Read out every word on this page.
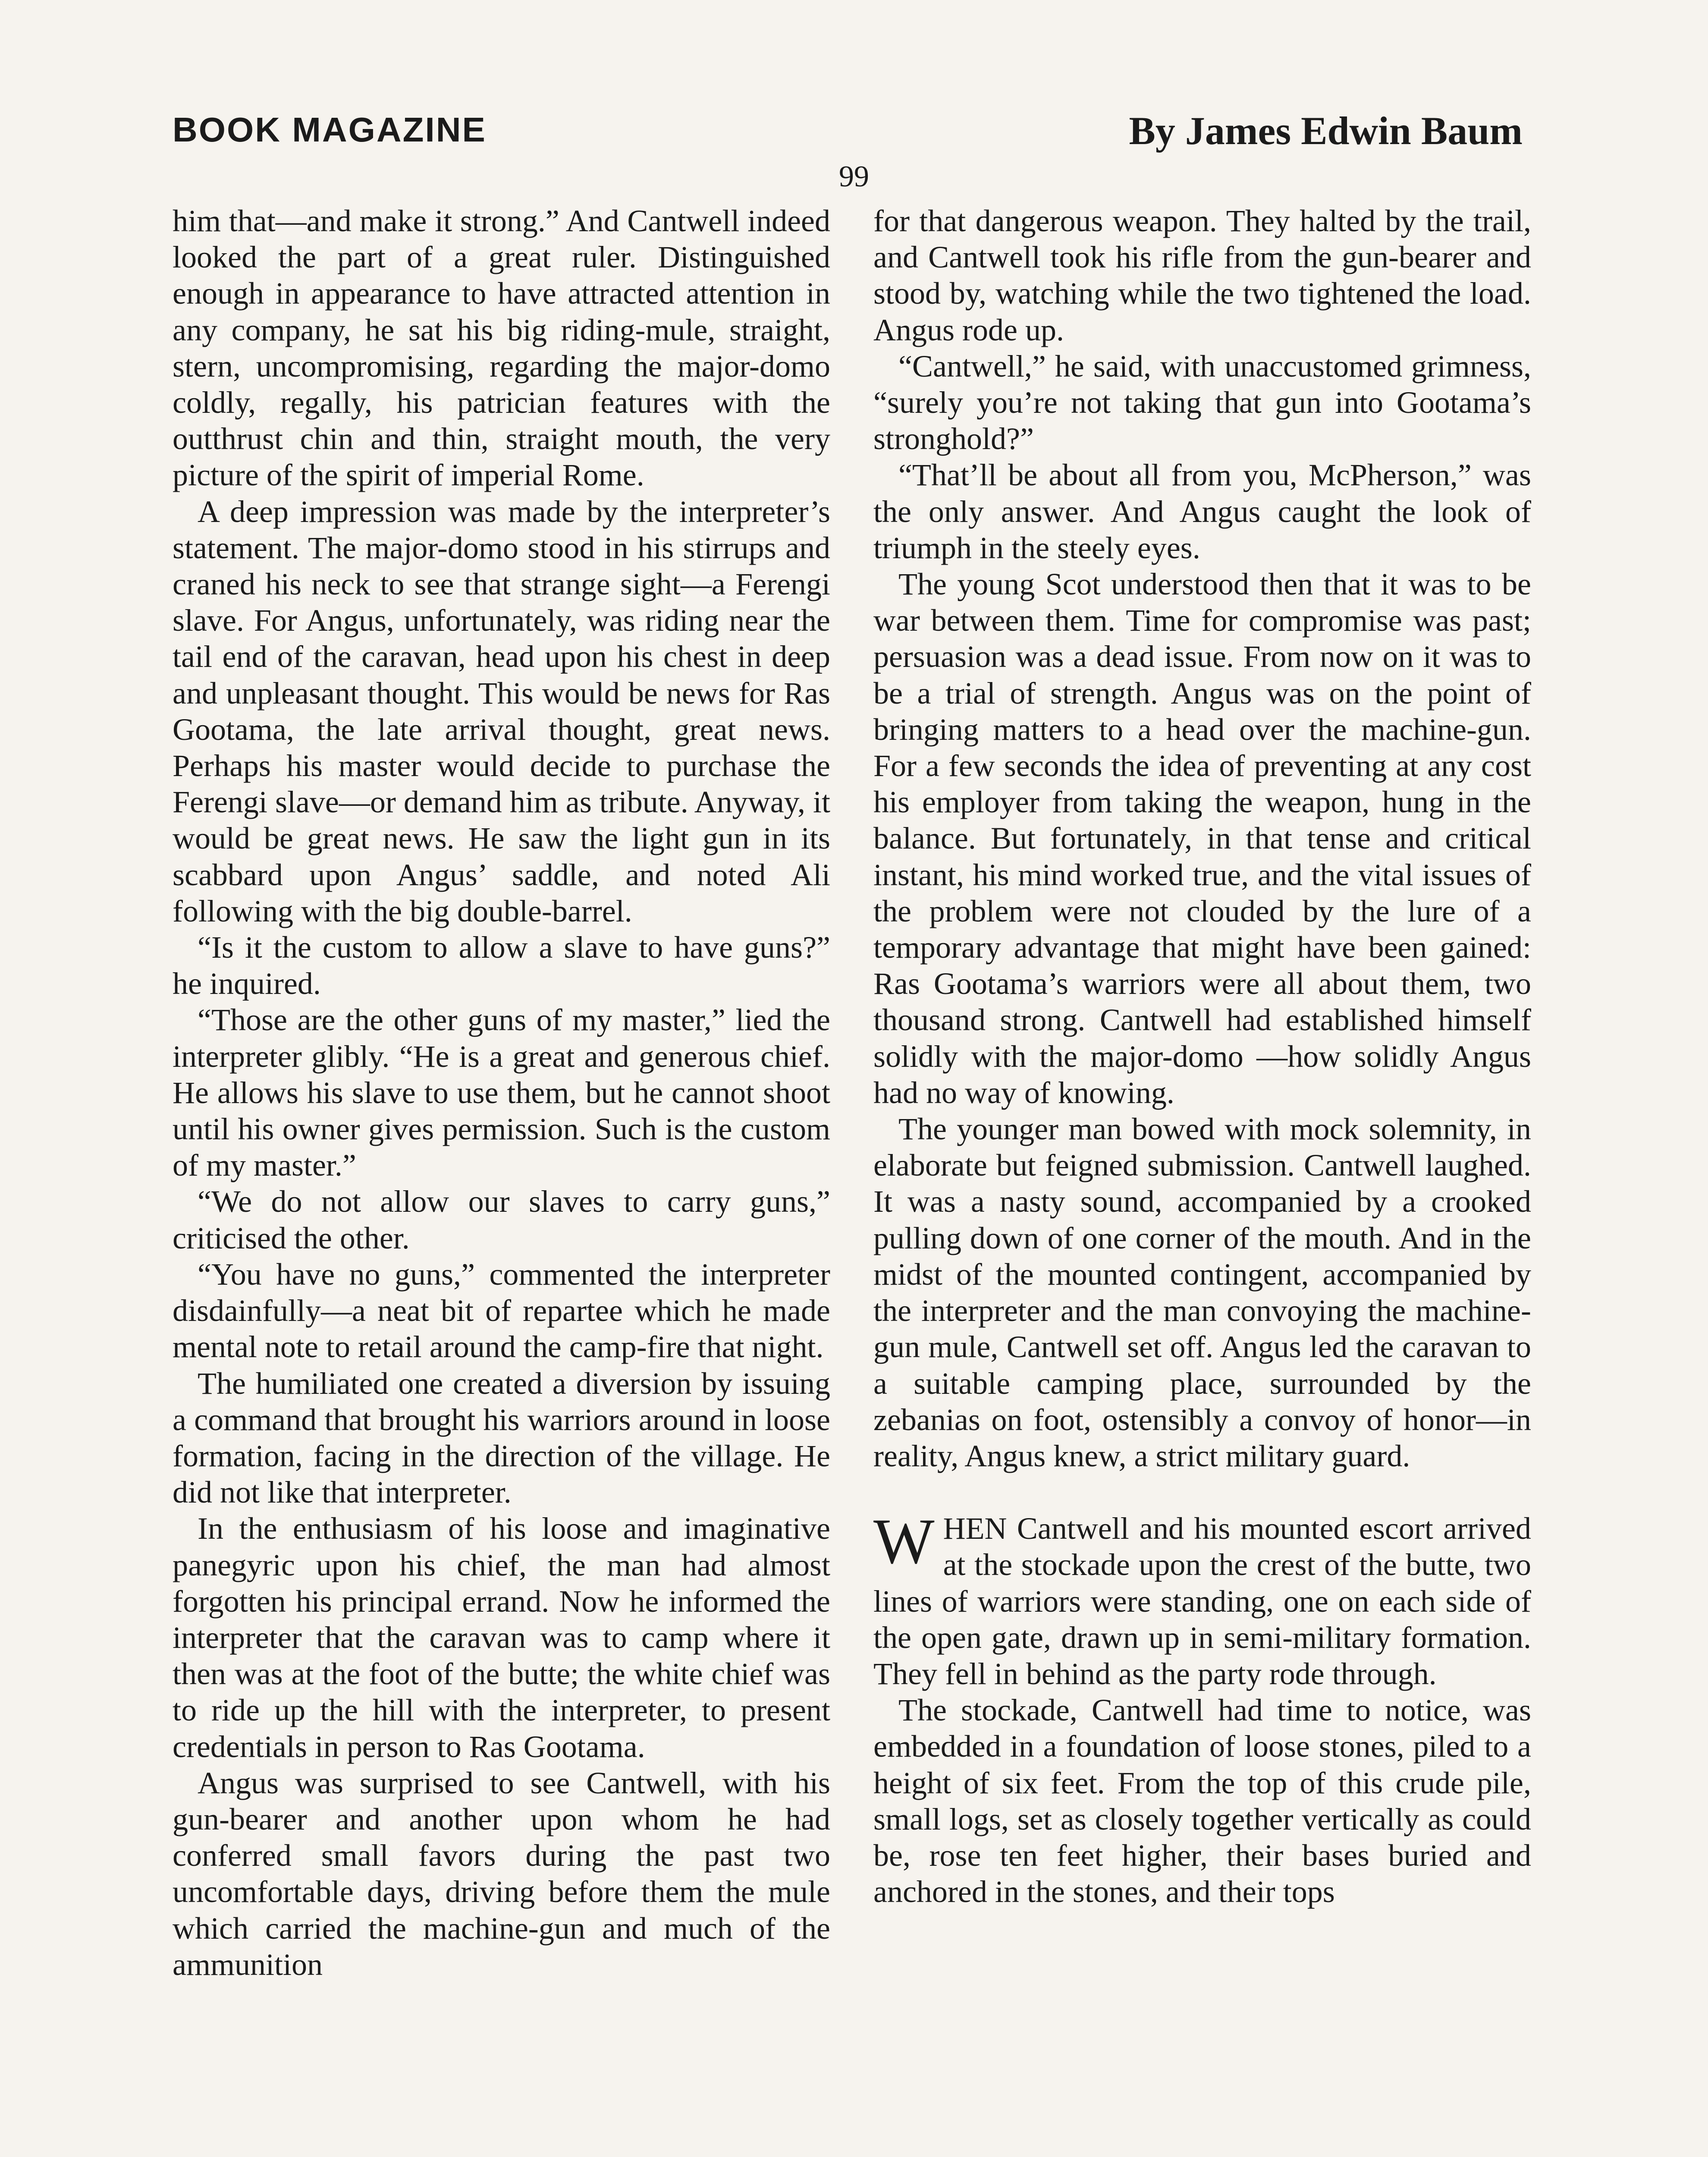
BOOK MAGAZINE	By James Edwin Baum
99

him that—and make it strong.” And Cantwell indeed looked the part of a great ruler. Distinguished enough in appearance to have attracted attention in any company, he sat his big riding-mule, straight, stern, uncompromising, regarding the major-domo coldly, regally, his patrician features with the outthrust chin and thin, straight mouth, the very picture of the spirit of imperial Rome.

A deep impression was made by the interpreter’s statement. The major-domo stood in his stirrups and craned his neck to see that strange sight—a Ferengi slave. For Angus, unfortunately, was riding near the tail end of the caravan, head upon his chest in deep and unpleasant thought. This would be news for Ras Gootama, the late arrival thought, great news. Perhaps his master would decide to purchase the Ferengi slave—or demand him as tribute. Anyway, it would be great news. He saw the light gun in its scabbard upon Angus’ saddle, and noted Ali following with the big double-barrel.

“Is it the custom to allow a slave to have guns?” he inquired.

“Those are the other guns of my master,” lied the interpreter glibly. “He is a great and generous chief. He allows his slave to use them, but he cannot shoot until his owner gives permission. Such is the custom of my master.”

“We do not allow our slaves to carry guns,” criticised the other.

“You have no guns,” commented the interpreter disdainfully—a neat bit of repartee which he made mental note to retail around the camp-fire that night.

The humiliated one created a diversion by issuing a command that brought his warriors around in loose formation, facing in the direction of the village. He did not like that interpreter.

In the enthusiasm of his loose and imaginative panegyric upon his chief, the man had almost forgotten his principal errand. Now he informed the interpreter that the caravan was to camp where it then was at the foot of the butte; the white chief was to ride up the hill with the interpreter, to present credentials in person to Ras Gootama.

Angus was surprised to see Cantwell, with his gun-bearer and another upon whom he had conferred small favors during the past two uncomfortable days, driving before them the mule which carried the machine-gun and much of the ammunition

for that dangerous weapon. They halted by the trail, and Cantwell took his rifle from the gun-bearer and stood by, watching while the two tightened the load. Angus rode up.

“Cantwell,” he said, with unaccustomed grimness, “surely you’re not taking that gun into Gootama’s stronghold?”

“That’ll be about all from you, McPherson,” was the only answer. And Angus caught the look of triumph in the steely eyes.

The young Scot understood then that it was to be war between them. Time for compromise was past; persuasion was a dead issue. From now on it was to be a trial of strength. Angus was on the point of bringing matters to a head over the machine-gun. For a few seconds the idea of preventing at any cost his employer from taking the weapon, hung in the balance. But fortunately, in that tense and critical instant, his mind worked true, and the vital issues of the problem were not clouded by the lure of a temporary advantage that might have been gained: Ras Gootama’s warriors were all about them, two thousand strong. Cantwell had established himself solidly with the major-domo —how solidly Angus had no way of knowing.

The younger man bowed with mock solemnity, in elaborate but feigned submission. Cantwell laughed. It was a nasty sound, accompanied by a crooked pulling down of one corner of the mouth. And in the midst of the mounted contingent, accompanied by the interpreter and the man convoying the machine-gun mule, Cantwell set off. Angus led the caravan to a suitable camping place, surrounded by the zebanias on foot, ostensibly a convoy of honor—in reality, Angus knew, a strict military guard.

WHEN Cantwell and his mounted escort arrived at the stockade upon the crest of the butte, two lines of warriors were standing, one on each side of the open gate, drawn up in semi-military formation. They fell in behind as the party rode through.

The stockade, Cantwell had time to notice, was embedded in a foundation of loose stones, piled to a height of six feet. From the top of this crude pile, small logs, set as closely together vertically as could be, rose ten feet higher, their bases buried and anchored in the stones, and their tops
